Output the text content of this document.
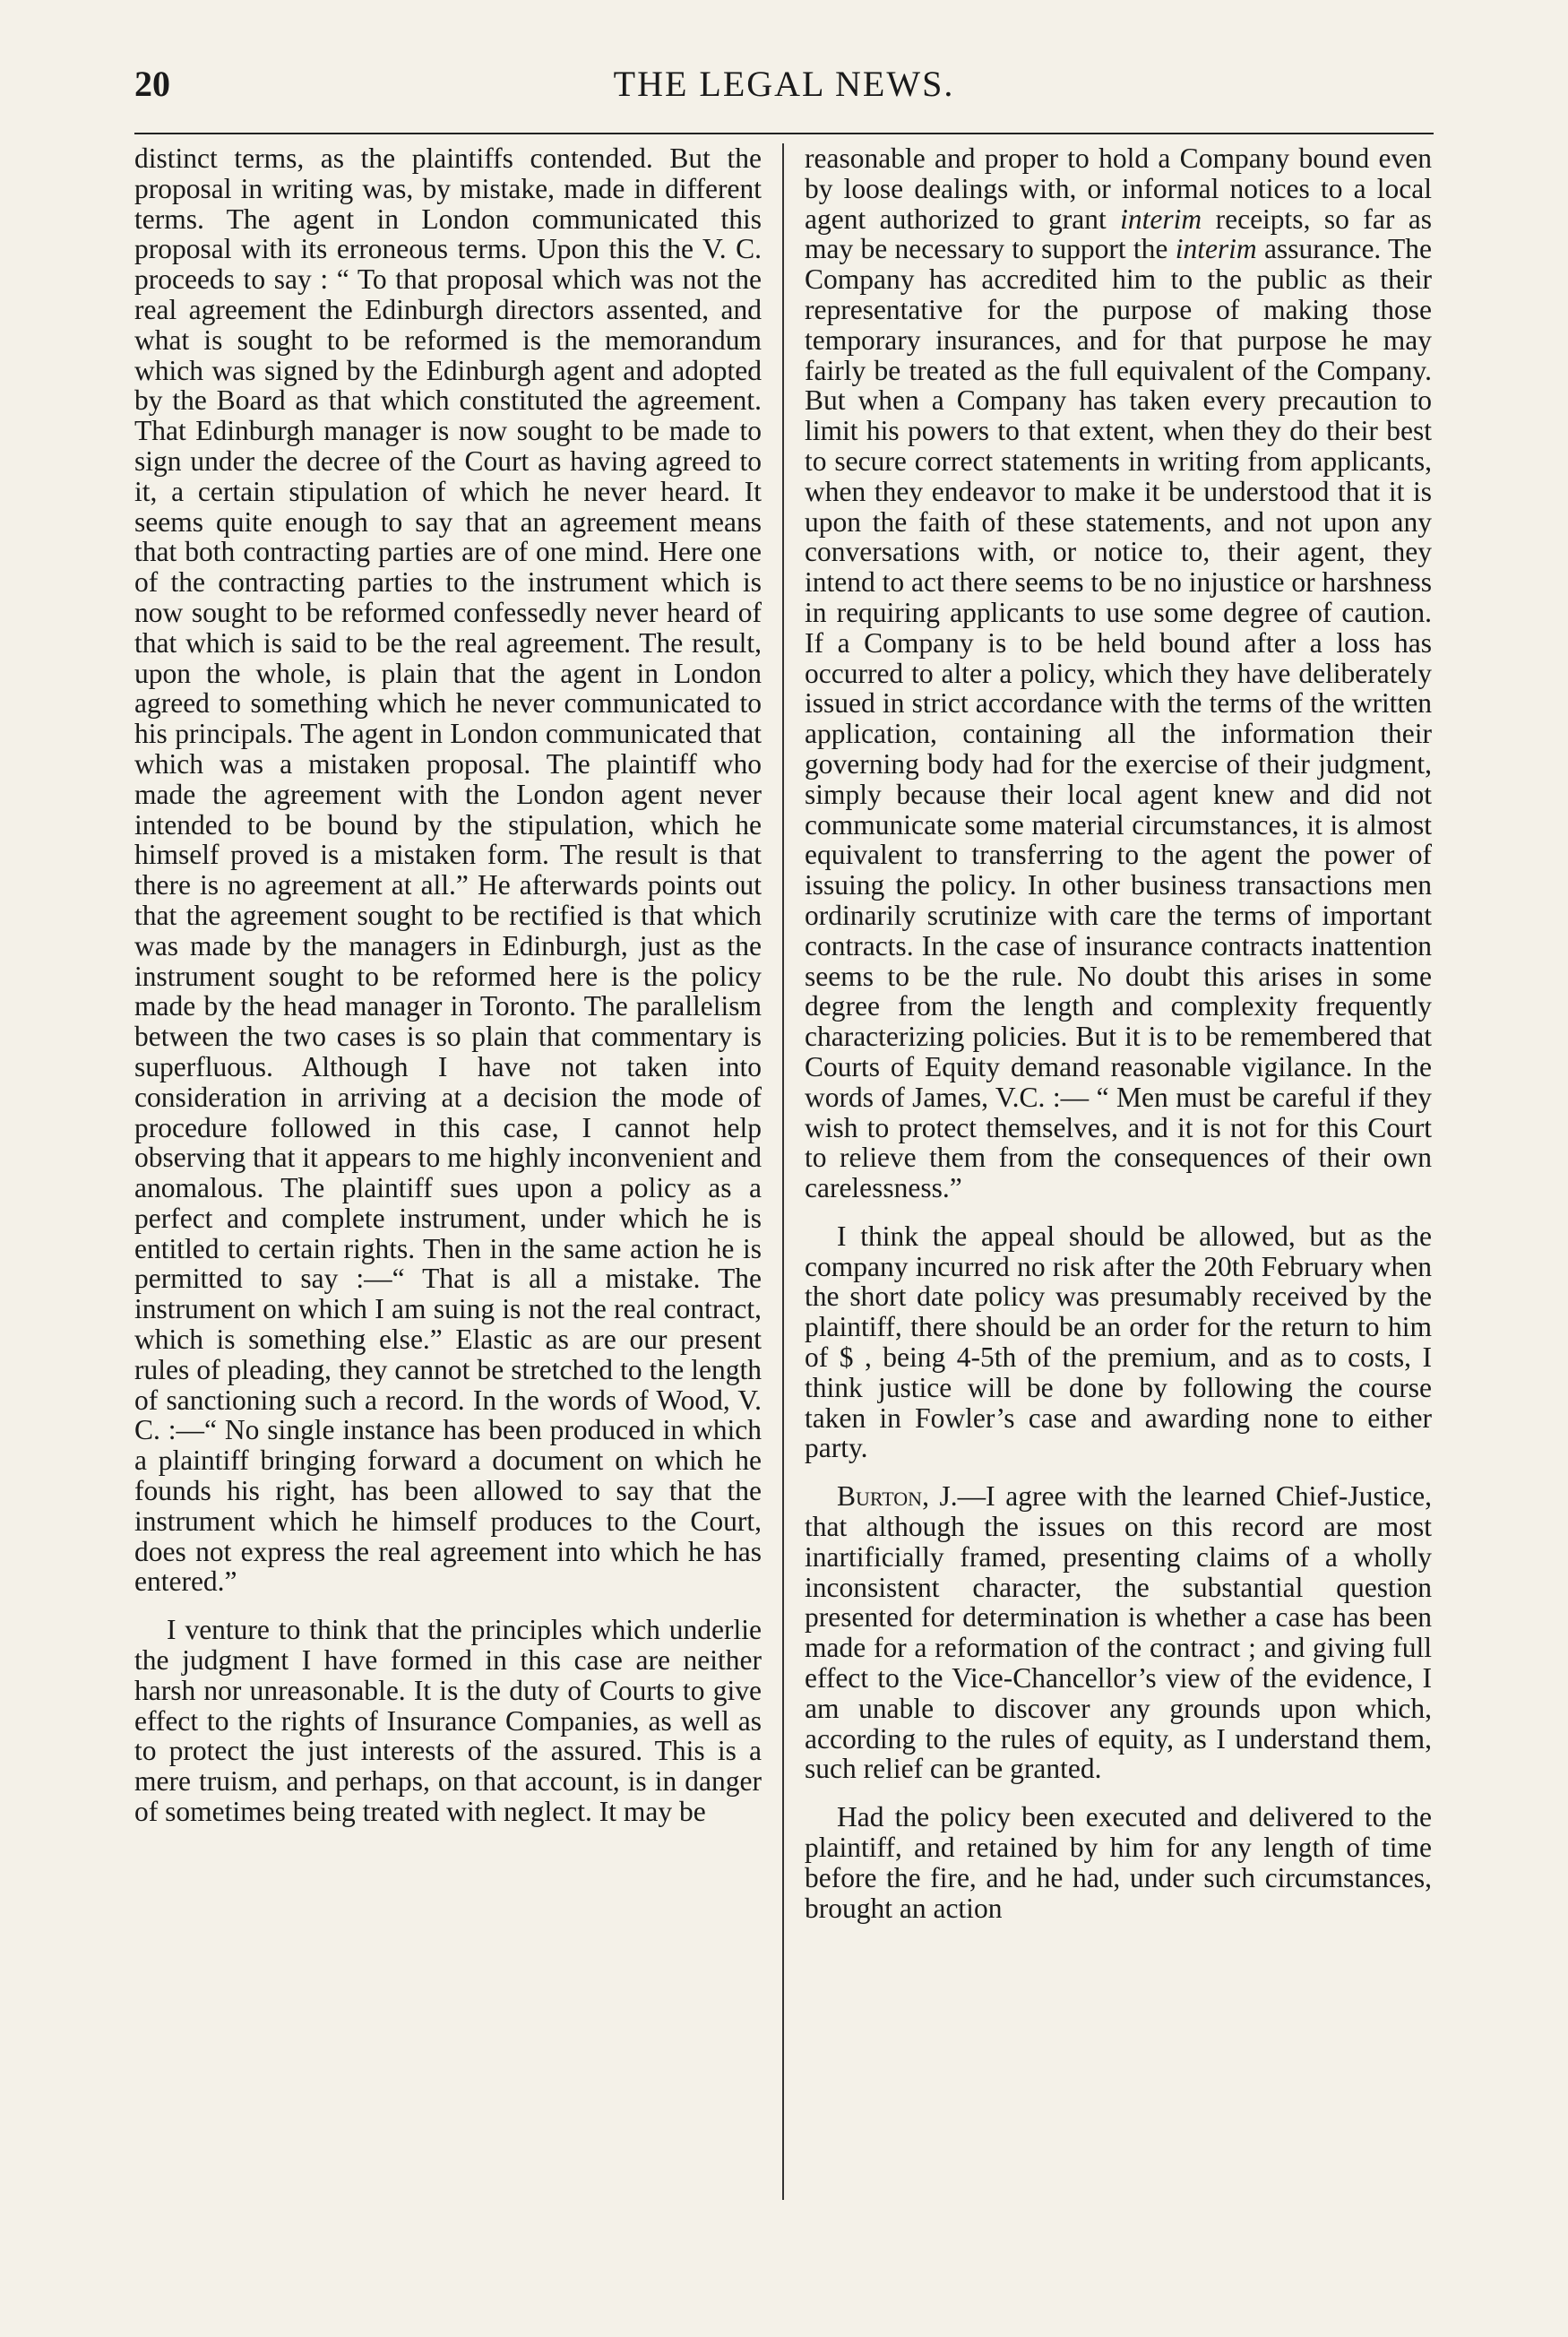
20	THE LEGAL NEWS.

distinct terms, as the plaintiffs contended. But the proposal in writing was, by mistake, made in different terms. The agent in London communicated this proposal with its erroneous terms. Upon this the V. C. proceeds to say : “ To that proposal which was not the real agreement the Edinburgh directors assented, and what is sought to be reformed is the memorandum which was signed by the Edinburgh agent and adopted by the Board as that which constituted the agreement. That Edinburgh manager is now sought to be made to sign under the decree of the Court as having agreed to it, a certain stipulation of which he never heard. It seems quite enough to say that an agreement means that both contracting parties are of one mind. Here one of the contracting parties to the instrument which is now sought to be reformed confessedly never heard of that which is said to be the real agreement. The result, upon the whole, is plain that the agent in London agreed to something which he never communicated to his principals. The agent in London communicated that which was a mistaken proposal. The plaintiff who made the agreement with the London agent never intended to be bound by the stipulation, which he himself proved is a mistaken form. The result is that there is no agreement at all.” He afterwards points out that the agreement sought to be rectified is that which was made by the managers in Edinburgh, just as the instrument sought to be reformed here is the policy made by the head manager in Toronto. The parallelism between the two cases is so plain that commentary is superfluous. Although I have not taken into consideration in arriving at a decision the mode of procedure followed in this case, I cannot help observing that it appears to me highly inconvenient and anomalous. The plaintiff sues upon a policy as a perfect and complete instrument, under which he is entitled to certain rights. Then in the same action he is permitted to say :—“ That is all a mistake. The instrument on which I am suing is not the real contract, which is something else.” Elastic as are our present rules of pleading, they cannot be stretched to the length of sanctioning such a record. In the words of Wood, V. C. :—“ No single instance has been produced in which a plaintiff bringing forward a document on which he founds his right, has been allowed to say that the instrument which he himself produces to the Court, does not express the real agreement into which he has entered.”

I venture to think that the principles which underlie the judgment I have formed in this case are neither harsh nor unreasonable. It is the duty of Courts to give effect to the rights of Insurance Companies, as well as to protect the just interests of the assured. This is a mere truism, and perhaps, on that account, is in danger of sometimes being treated with neglect. It may be

reasonable and proper to hold a Company bound even by loose dealings with, or informal notices to a local agent authorized to grant interim receipts, so far as may be necessary to support the interim assurance. The Company has accredited him to the public as their representative for the purpose of making those temporary insurances, and for that purpose he may fairly be treated as the full equivalent of the Company. But when a Company has taken every precaution to limit his powers to that extent, when they do their best to secure correct statements in writing from applicants, when they endeavor to make it be understood that it is upon the faith of these statements, and not upon any conversations with, or notice to, their agent, they intend to act there seems to be no injustice or harshness in requiring applicants to use some degree of caution. If a Company is to be held bound after a loss has occurred to alter a policy, which they have deliberately issued in strict accordance with the terms of the written application, containing all the information their governing body had for the exercise of their judgment, simply because their local agent knew and did not communicate some material circumstances, it is almost equivalent to transferring to the agent the power of issuing the policy. In other business transactions men ordinarily scrutinize with care the terms of important contracts. In the case of insurance contracts inattention seems to be the rule. No doubt this arises in some degree from the length and complexity frequently characterizing policies. But it is to be remembered that Courts of Equity demand reasonable vigilance. In the words of James, V.C. :— “ Men must be careful if they wish to protect themselves, and it is not for this Court to relieve them from the consequences of their own carelessness.”

I think the appeal should be allowed, but as the company incurred no risk after the 20th February when the short date policy was presumably received by the plaintiff, there should be an order for the return to him of $ , being 4-5th of the premium, and as to costs, I think justice will be done by following the course taken in Fowler’s case and awarding none to either party.

Burton, J.—I agree with the learned Chief-Justice, that although the issues on this record are most inartificially framed, presenting claims of a wholly inconsistent character, the substantial question presented for determination is whether a case has been made for a reformation of the contract ; and giving full effect to the Vice-Chancellor’s view of the evidence, I am unable to discover any grounds upon which, according to the rules of equity, as I understand them, such relief can be granted.

Had the policy been executed and delivered to the plaintiff, and retained by him for any length of time before the fire, and he had, under such circumstances, brought an action
